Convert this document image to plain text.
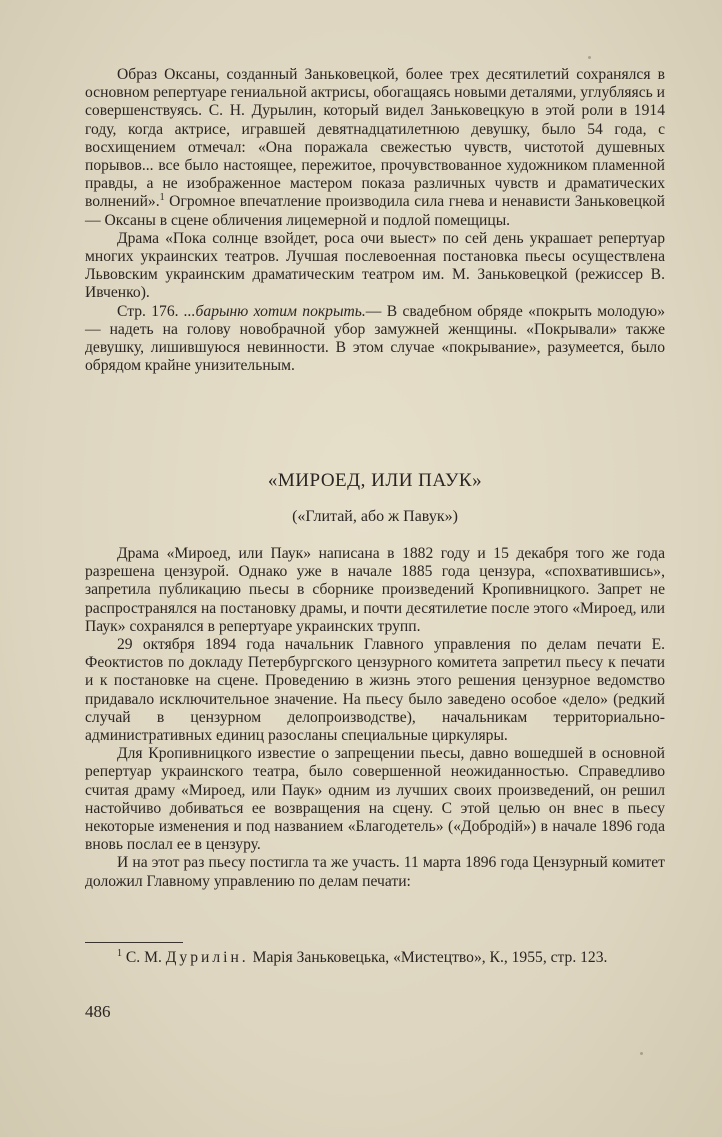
Образ Оксаны, созданный Заньковецкой, более трех десятилетий сохранялся в основном репертуаре гениальной актрисы, обогащаясь новыми деталями, углубляясь и совершенствуясь. С. Н. Дурылин, который видел Заньковецкую в этой роли в 1914 году, когда актрисе, игравшей девятнадцатилетнюю девушку, было 54 года, с восхищением отмечал: «Она поражала свежестью чувств, чистотой душевных порывов... все было настоящее, пережитое, прочувствованное художником пламенной правды, а не изображенное мастером показа различных чувств и драматических волнений».$^1$ Огромное впечатление производила сила гнева и ненависти Заньковецкой — Оксаны в сцене обличения лицемерной и подлой помещицы.

Драма «Пока солнце взойдет, роса очи выест» по сей день украшает репертуар многих украинских театров. Лучшая послевоенная постановка пьесы осуществлена Львовским украинским драматическим театром им. М. Заньковецкой (режиссер В. Ивченко).

Стр. 176. ...барыню хотим покрыть.— В свадебном обряде «покрыть молодую» — надеть на голову новобрачной убор замужней женщины. «Покрывали» также девушку, лишившуюся невинности. В этом случае «покрывание», разумеется, было обрядом крайне унизительным.

«МИРОЕД, ИЛИ ПАУК»

(«Глитай, або ж Павук»)

Драма «Мироед, или Паук» написана в 1882 году и 15 декабря того же года разрешена цензурой. Однако уже в начале 1885 года цензура, «спохватившись», запретила публикацию пьесы в сборнике произведений Кропивницкого. Запрет не распространялся на постановку драмы, и почти десятилетие после этого «Мироед, или Паук» сохранялся в репертуаре украинских трупп.

29 октября 1894 года начальник Главного управления по делам печати Е. Феоктистов по докладу Петербургского цензурного комитета запретил пьесу к печати и к постановке на сцене. Проведению в жизнь этого решения цензурное ведомство придавало исключительное значение. На пьесу было заведено особое «дело» (редкий случай в цензурном делопроизводстве), начальникам территориально-административных единиц разосланы специальные циркуляры.

Для Кропивницкого известие о запрещении пьесы, давно вошедшей в основной репертуар украинского театра, было совершенной неожиданностью. Справедливо считая драму «Мироед, или Паук» одним из лучших своих произведений, он решил настойчиво добиваться ее возвращения на сцену. С этой целью он внес в пьесу некоторые изменения и под названием «Благодетель» («Добродій») в начале 1896 года вновь послал ее в цензуру.

И на этот раз пьесу постигла та же участь. 11 марта 1896 года Цензурный комитет доложил Главному управлению по делам печати:

$^1$ С. М. Дурилін. Марія Заньковецька, «Мистецтво», К., 1955, стр. 123.

486
